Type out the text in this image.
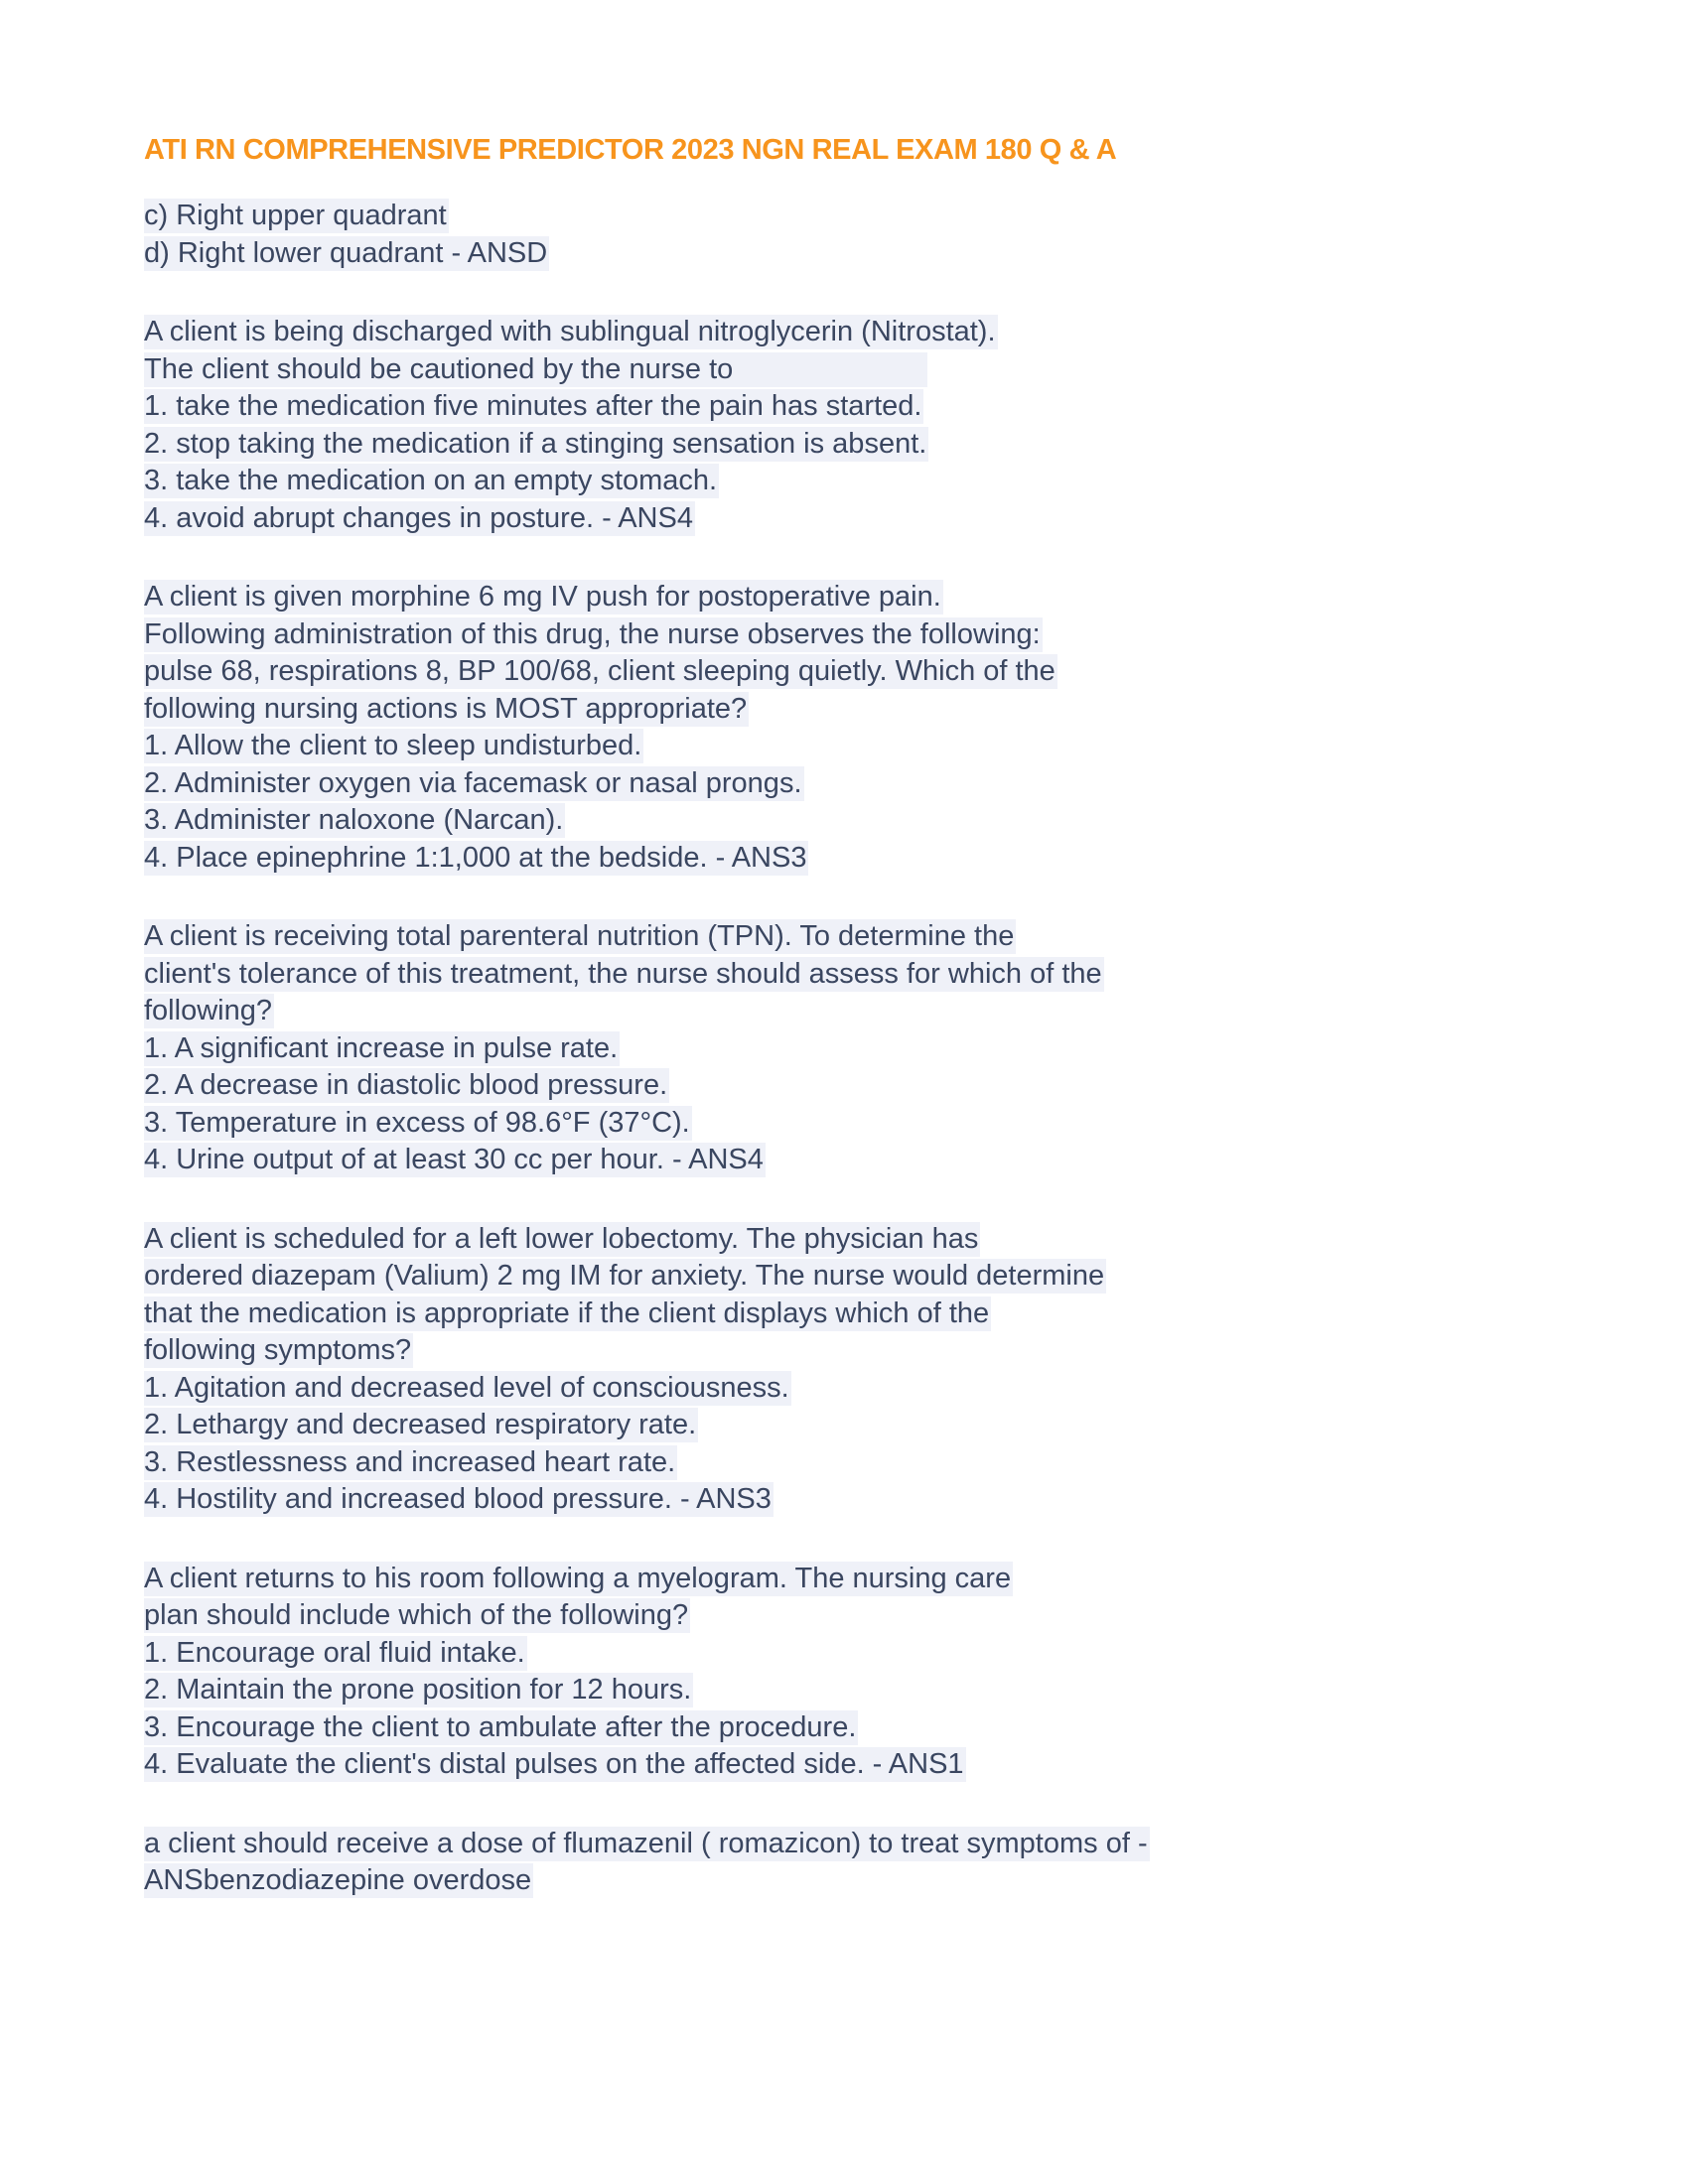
ATI RN COMPREHENSIVE PREDICTOR 2023 NGN REAL EXAM 180 Q & A
c) Right upper quadrant
d) Right lower quadrant - ANSD
A client is being discharged with sublingual nitroglycerin (Nitrostat).
The client should be cautioned by the nurse to
1. take the medication five minutes after the pain has started.
2. stop taking the medication if a stinging sensation is absent.
3. take the medication on an empty stomach.
4. avoid abrupt changes in posture. - ANS4
A client is given morphine 6 mg IV push for postoperative pain.
Following administration of this drug, the nurse observes the following:
pulse 68, respirations 8, BP 100/68, client sleeping quietly. Which of the
following nursing actions is MOST appropriate?
1. Allow the client to sleep undisturbed.
2. Administer oxygen via facemask or nasal prongs.
3. Administer naloxone (Narcan).
4. Place epinephrine 1:1,000 at the bedside. - ANS3
A client is receiving total parenteral nutrition (TPN). To determine the
client's tolerance of this treatment, the nurse should assess for which of the
following?
1. A significant increase in pulse rate.
2. A decrease in diastolic blood pressure.
3. Temperature in excess of 98.6°F (37°C).
4. Urine output of at least 30 cc per hour. - ANS4
A client is scheduled for a left lower lobectomy. The physician has
ordered diazepam (Valium) 2 mg IM for anxiety. The nurse would determine
that the medication is appropriate if the client displays which of the
following symptoms?
1. Agitation and decreased level of consciousness.
2. Lethargy and decreased respiratory rate.
3. Restlessness and increased heart rate.
4. Hostility and increased blood pressure. - ANS3
A client returns to his room following a myelogram. The nursing care
plan should include which of the following?
1. Encourage oral fluid intake.
2. Maintain the prone position for 12 hours.
3. Encourage the client to ambulate after the procedure.
4. Evaluate the client's distal pulses on the affected side. - ANS1
a client should receive a dose of flumazenil ( romazicon) to treat symptoms of -
ANSbenzodiazepine overdose
